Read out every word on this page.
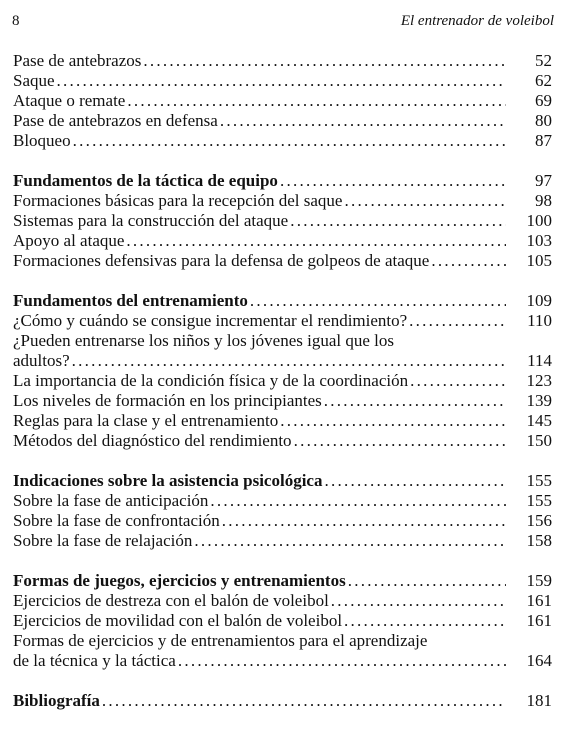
8	El entrenador de voleibol
Pase de antebrazos . . .	52
Saque . . .	62
Ataque o remate . . .	69
Pase de antebrazos en defensa . . .	80
Bloqueo . . .	87
Fundamentos de la táctica de equipo . . .	97
Formaciones básicas para la recepción del saque . . .	98
Sistemas para la construcción del ataque . . .	100
Apoyo al ataque . . .	103
Formaciones defensivas para la defensa de golpeos de ataque . . .	105
Fundamentos del entrenamiento . . .	109
¿Cómo y cuándo se consigue incrementar el rendimiento? . . .	110
¿Pueden entrenarse los niños y los jóvenes igual que los
adultos? . . .	114
La importancia de la condición física y de la coordinación . . .	123
Los niveles de formación en los principiantes . . .	139
Reglas para la clase y el entrenamiento . . .	145
Métodos del diagnóstico del rendimiento . . .	150
Indicaciones sobre la asistencia psicológica . . .	155
Sobre la fase de anticipación . . .	155
Sobre la fase de confrontación . . .	156
Sobre la fase de relajación . . .	158
Formas de juegos, ejercicios y entrenamientos . . .	159
Ejercicios de destreza con el balón de voleibol . . .	161
Ejercicios de movilidad con el balón de voleibol . . .	161
Formas de ejercicios y de entrenamientos para el aprendizaje
de la técnica y la táctica . . .	164
Bibliografía . . .	181
